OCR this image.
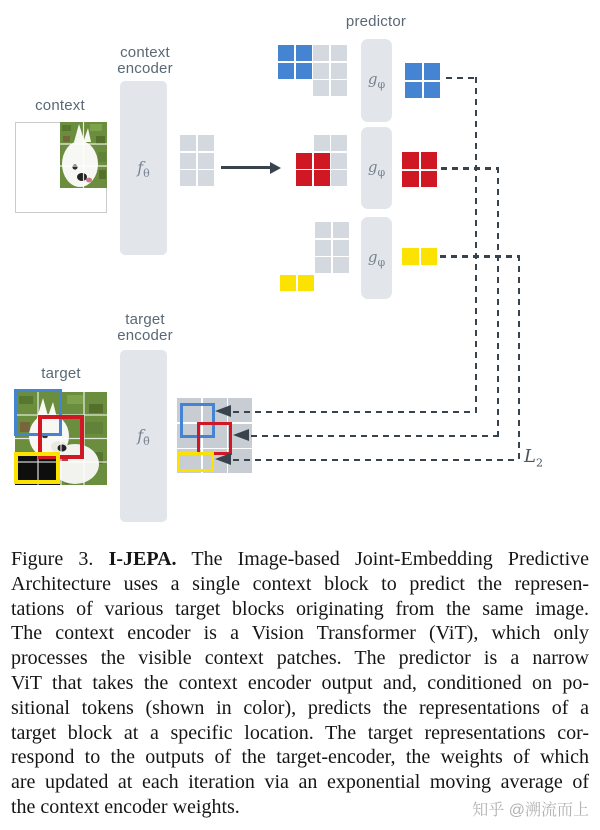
predictor
context
encoder
context
$f_\theta$
$g_\varphi$
$g_\varphi$
$g_\varphi$
target
encoder
$f_{\thetā}$
target
$L_2$
Figure 3. I-JEPA. The Image-based Joint-Embedding Predictive
Architecture uses a single context block to predict the represen-
tations of various target blocks originating from the same image.
The context encoder is a Vision Transformer (ViT), which only
processes the visible context patches. The predictor is a narrow
ViT that takes the context encoder output and, conditioned on po-
sitional tokens (shown in color), predicts the representations of a
target block at a specific location. The target representations cor-
respond to the outputs of the target-encoder, the weights of which
are updated at each iteration via an exponential moving average of
the context encoder weights.	知乎 @溯流而上
